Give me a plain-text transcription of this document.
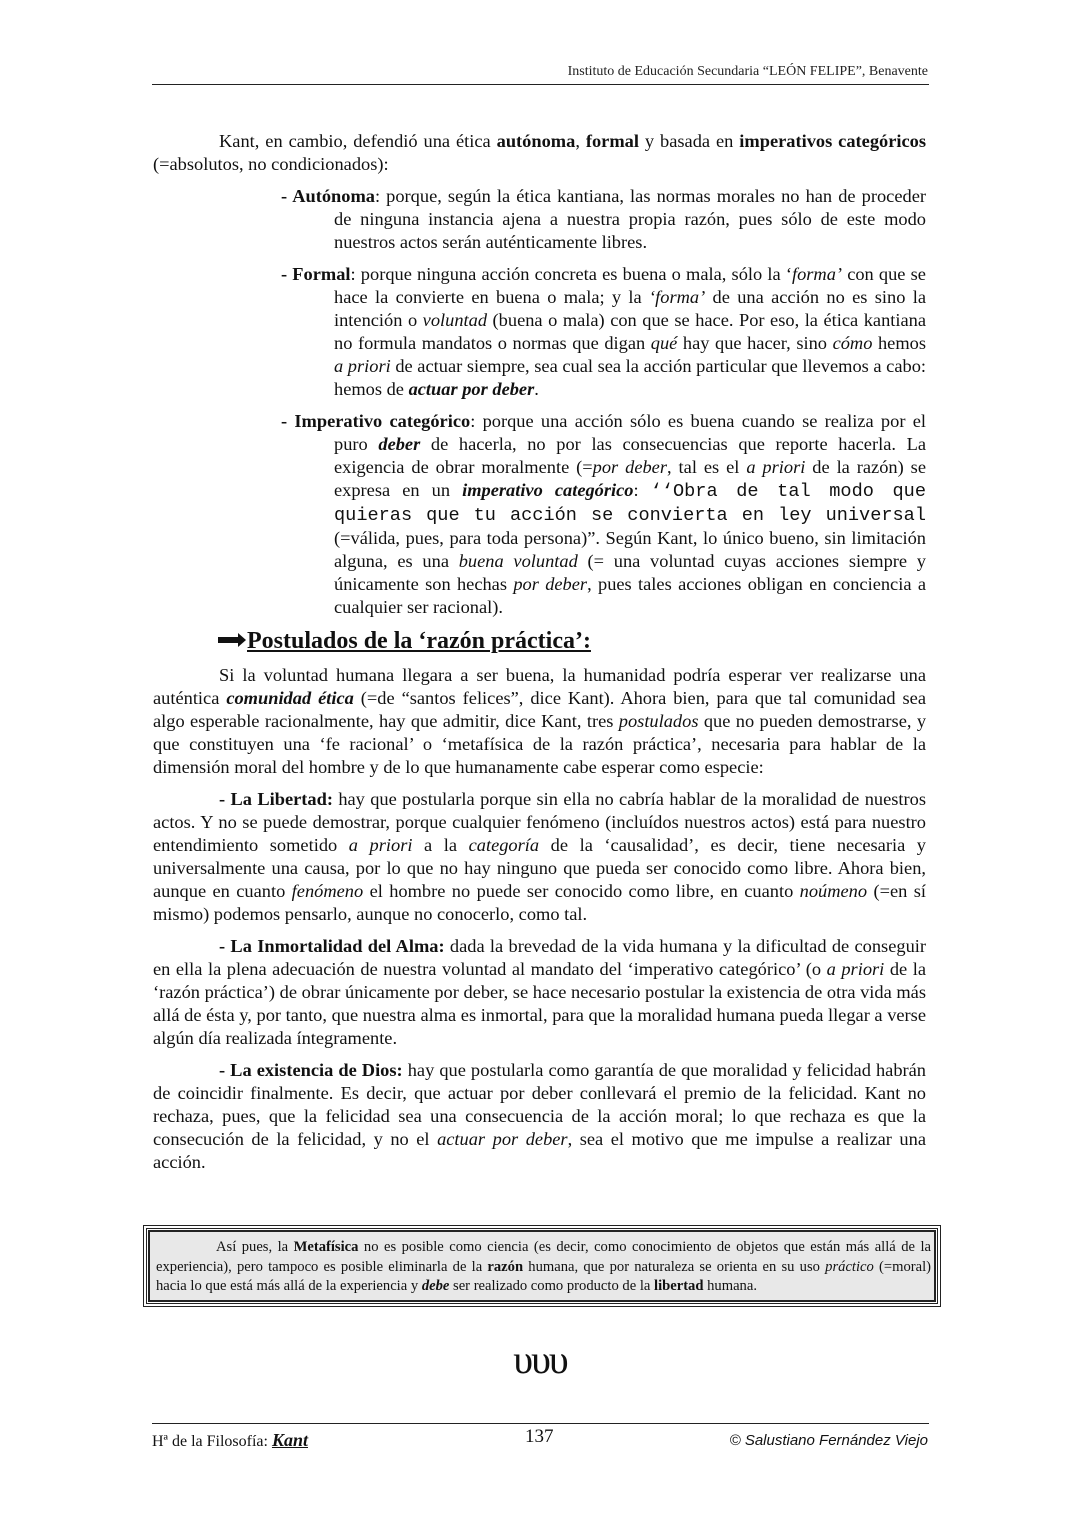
Instituto de Educación Secundaria “LEÓN FELIPE”, Benavente

Kant, en cambio, defendió una ética autónoma, formal y basada en imperativos categóricos (=absolutos, no condicionados):

- Autónoma: porque, según la ética kantiana, las normas morales no han de proceder de ninguna instancia ajena a nuestra propia razón, pues sólo de este modo nuestros actos serán auténticamente libres.

- Formal: porque ninguna acción concreta es buena o mala, sólo la ‘forma’ con que se hace la convierte en buena o mala; y la ‘forma’ de una acción no es sino la intención o voluntad (buena o mala) con que se hace. Por eso, la ética kantiana no formula mandatos o normas que digan qué hay que hacer, sino cómo hemos a priori de actuar siempre, sea cual sea la acción particular que llevemos a cabo: hemos de actuar por deber.

- Imperativo categórico: porque una acción sólo es buena cuando se realiza por el puro deber de hacerla, no por las consecuencias que reporte hacerla. La exigencia de obrar moralmente (=por deber, tal es el a priori de la razón) se expresa en un imperativo categórico: ‘‘Obra de tal modo que quieras que tu acción se convierta en ley universal (=válida, pues, para toda persona)”. Según Kant, lo único bueno, sin limitación alguna, es una buena voluntad (= una voluntad cuyas acciones siempre y únicamente son hechas por deber, pues tales acciones obligan en conciencia a cualquier ser racional).

Postulados de la ‘razón práctica’:

Si la voluntad humana llegara a ser buena, la humanidad podría esperar ver realizarse una auténtica comunidad ética (=de “santos felices”, dice Kant). Ahora bien, para que tal comunidad sea algo esperable racionalmente, hay que admitir, dice Kant, tres postulados que no pueden demostrarse, y que constituyen una ‘fe racional’ o ‘metafísica de la razón práctica’, necesaria para hablar de la dimensión moral del hombre y de lo que humanamente cabe esperar como especie:

- La Libertad: hay que postularla porque sin ella no cabría hablar de la moralidad de nuestros actos. Y no se puede demostrar, porque cualquier fenómeno (incluídos nuestros actos) está para nuestro entendimiento sometido a priori a la categoría de la ‘causalidad’, es decir, tiene necesaria y universalmente una causa, por lo que no hay ninguno que pueda ser conocido como libre. Ahora bien, aunque en cuanto fenómeno el hombre no puede ser conocido como libre, en cuanto noúmeno (=en sí mismo) podemos pensarlo, aunque no conocerlo, como tal.

- La Inmortalidad del Alma: dada la brevedad de la vida humana y la dificultad de conseguir en ella la plena adecuación de nuestra voluntad al mandato del ‘imperativo categórico’ (o a priori de la ‘razón práctica’) de obrar únicamente por deber, se hace necesario postular la existencia de otra vida más allá de ésta y, por tanto, que nuestra alma es inmortal, para que la moralidad humana pueda llegar a verse algún día realizada íntegramente.

- La existencia de Dios: hay que postularla como garantía de que moralidad y felicidad habrán de coincidir finalmente. Es decir, que actuar por deber conllevará el premio de la felicidad. Kant no rechaza, pues, que la felicidad sea una consecuencia de la acción moral; lo que rechaza es que la consecución de la felicidad, y no el actuar por deber, sea el motivo que me impulse a realizar una acción.

Así pues, la Metafísica no es posible como ciencia (es decir, como conocimiento de objetos que están más allá de la experiencia), pero tampoco es posible eliminarla de la razón humana, que por naturaleza se orienta en su uso práctico (=moral) hacia lo que está más allá de la experiencia y debe ser realizado como producto de la libertad humana.

υυυ
Hª de la Filosofía: Kant	137	© Salustiano Fernández Viejo
